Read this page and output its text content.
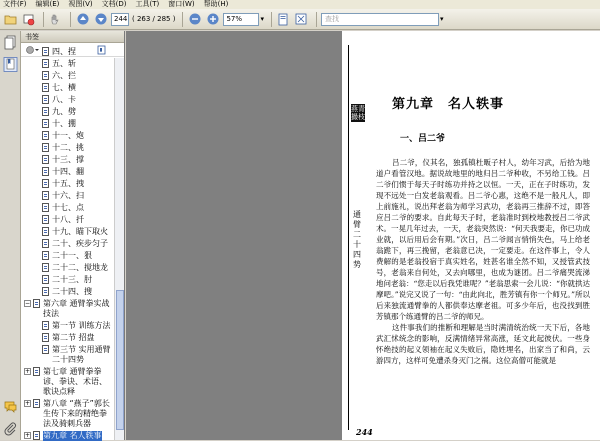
文件(F) 编辑(E) 视图(V) 文档(D) 工具(T) 窗口(W) 帮助(H)
244 ( 263 / 285 )	57%	▾	查找	▾
书签
四、捏
五、斩
六、拦
七、横
八、卡
九、劈
十、掤
十一、炮
十二、挑
十三、撑
十四、翻
十五、拽
十六、扫
十七、点
十八、扦
十九、瞄下取火
二十、疾步匀子
二十一、狠
二十二、搅地龙
二十三、肘
二十四、搜
− 第六章 通臂拳实战技法
第一节 训练方法
第二节 招盘
第三节 实用通臂二十四势
+ 第七章 通臂拳拳谚、拳诀、术语、歌诀点释
+ 第八章 “燕子”郭长生传下来的精绝拳法及骑刺兵器
+ 第九章 名人轶事
燕青
撮枝
通
臂
二
十
四
势
第九章　名人轶事
一、吕二爷

吕二爷，仪其名，独孤镇杜畈子村人，幼年习武，后拾为地道户看管汉地。据说故地里的地归吕二爷种收，不另给工钱。吕二爷们惯于每天子时练功并持之以恒。一天，正在子时练功，发现不远处一白发老翁观看。吕二爷心惠，这绝不是一般凡人，即上前施礼，说出拜老翁为师学习武功，老翁再三推辞不过，即答应吕二爷的要求。自此每天子时，老翁准时到校地教授吕二爷武术。一晃几年过去，一天，老翁突然说：“何天我要走，你已功成业就，以后用后会有期。”次日，吕二爷闻言悄悄失色，马上给老翁跪下，再三挽留，老翁意已决，一定要走。在这件事上，令人费解的是老翁投宿于真实姓名，姓甚名谁全然不知，又授管武技号，老翁来自何处，又去向哪里，也成为谜团。吕二爷痛哭流涕地问老翁：“您走以后我凭谁呢？”老翁思索一会儿说：“你就拱达摩吧。”说完又说了一句：“由此向北，胜芳镇有你一个师兄。”所以后来独流通臂拳的人都供奉达摩老祖。可多少年后，也没找到胜芳镇那个练通臂的吕二爷的师兄。

这件事我们的推断和理解是当时满清统治统一天下后，各地武汇怵统念的影响，反满情绪异常高涨，延文此起彼伏。一些身怀绝技的起义领袖在起义失败后，隐姓埋名，出家当了和尚，云游四方，这样可免遭杀身灭门之祸。这位高僧可能就是

244
